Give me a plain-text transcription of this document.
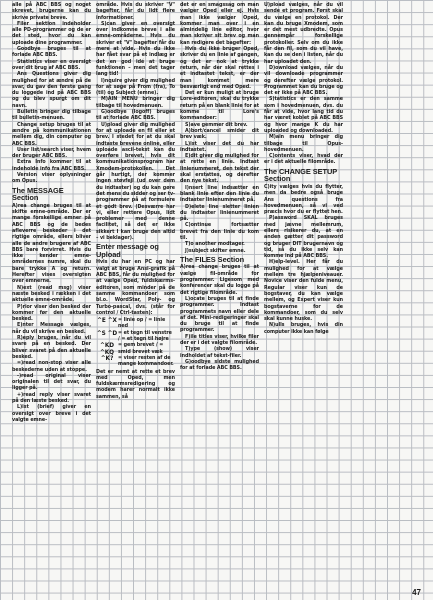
alle på ABC BBS og noget skrevet, brugerne kan du skrive private breve.

Filer sektion indeholder alle PD-programmer og de er det sted, hvor du kan uploade dine programmer.

Goodbye bruges til at forlade ABC BBS.

Statistics viser en oversigt over dit brug af ABC BBS.

Ans Questions giver dig mulighed for at ændre på de svar, du gav den første gang du loggede ind på ABC BBS og du blev spurgt om dit navn.

Bulletin bringer dig tilbage til bulletin-menuen.

Change setup bruges til at ændre på kommunikationen mellem dig, din computer og ABC BBS.

User list/search viser, hvem der bruger ABC BBS.

Extra Info kommer til at indeholde info fra ABC BBS.

Version viser oplysninger om Opus.

The MESSAGE Section

A)rea change bruges til at skifte emne-område. Der er mange forskellige emner på ABC BBS og de bedes afleverre beskeder i det rigtige område, ellers bliver alle de andre brugere af ABC BBS bare forvirret. Hvis du ikke kender emne-områdernes numre, skal du bare trykke A og return. Herefter vises oversigten over emnerne.

N)ext (read msg) viser næste besked i rækken i det aktuelle emne-område.

P)rior viser den besked der kommer før den aktuelle besked.

E)nter Message vælges, når du vil skrive en besked.

R)eply bruges, når du vil svare på en besked. Der bliver svaret på den aktuelle besked.

=)read non-stop viser alle beskederne uden at stoppe.

-)read original viser originalen til det svar, du ligger på.

+)read reply viser svaret på den læste besked.

L)ist (brief) giver en oversigt over breve i det valgte emne-

område. Hvis du skriver "V" bagefter, får du lidt flere informationer.

S)can giver en oversigt over indkomne breve i alle emne-områderne. Hvis du skriver et "V" bagefter får du mere at vide. Hvis du ikke har fået svar på et indlæg er det en god idé at bruge funktionen – men det tager lang tid!

I)nquire giver dig mulighed for at søge på From (fra), To (til) og Subject (emne).

M)AIN MENU bringer dig tilbage til hovedmenuen.

G)oodbye (logoff) bruges til at forlade ABC BBS.

U)pload giver dig mulighed for at uploade en fil eller et brev. I stedet for at du skal indtaste brevene online, eller uploade ascii-tekst kan du overføre brevet, hvis dit kommunikationsprogram har Xmodem-protokollen. Det går hurtigt, der kommer ingen støvfejl (ud over dem du indtaster) og du kan gøre det mens du sidder og ser tv-programmer på at formulere et godt brev. (Desværre har vi, eller rettere Opus, lidt problemer med denne facilitet, så det er ikke sikkert I kan bruge den altid – vi beklager).

Enter message og Upload

Hvis du har en PC og har valgt at bruge Ansi-grafik på ABC BBS, får du mulighed for at vælge Oped, fuldskærms-editoren, som minder på de samme kommandoer som bl.o. WordStar, Poly- og Turbo-pascal, dvs. (står for control / Ctrl-tasten):

^E ^X = linie op / = linie ned
^S ^D = et tegn til venstre / = et tegn til højre
^KD ^KQ
= gem brevet / = smid brevet væk
^K? = viser resten af de mange kommandoer.

Det er nemt at rette et brev med Oped, men fuldskærmsredigering og modem harer normalt ikke sammen, så

det er en smagssag om man vælger Oped eller ej. Hvis man ikke vælger Oped, kommer man over i en almindelig line editor, hvor man skriver sit brev og man kan redigere det bagefter:

Hvis du ikke bruger Oped, skriver du en linie af gangen, og det er nok at trykke return, når der skal rettes i et indtastet tekst, er der man kommet mere besværligt end med Oped.

Det er kun muligt at bruge Lore-editoren, skal du trykke return på en blank linie for at komme til Lore's kommandoer:

S)ave gemmer dit brev.

A)bort/cancel smider dit brev væk.

L)ist viser det du har indtastet.

E)dit giver dig mulighed for at rette en linie. Indtast linienummeret, den tekst der skal erstattes, og derefter den nye tekst.

I)nsert line indsætter en blank linie efter den linie du indtaster linienummeret på.

D)elete line sletter linien du indtaster linienummeret på.

C)ontinue fortsætter brevet fra den linie du kom til.

T)o another modtager.

J)subject skifter emne.

The FILES Section

A)rea change bruges til at vælge fil-område for programmer. Ligesom med konferencer skal du logge på det rigtige filområde.

L)ocate bruges til at finde programmer. Indtast programmets navn eller dele af det. Mini-redigeringer skal du bruge til at finde programmer.

F)ile titles viser, hvilke filer der er i det valgte filområde.

T)ype (show) viser indholdet af tekst-filer.

G)oodbye sidste mulighed for at forlade ABC BBS.

U)pload vælges, når du vil sende et program. Først skal du vælge en protokol. Der kan du bruge Xmodem, som er det mest udbredte. Opus gennemgår forskellige protokoller. Selv om du ikke får den fil, som du vil have, kan du se den i listen, når du har uploadet den.

D)ownload vælges, når du vil downloade programmer og derefter vælge protokol. Programmet kan du bruge og det er ikke på ABC BBS.

S)tatistics er den samme som i hovedmenuen, dvs. du får at vide, hvor lang tid du har været koblet på ABC BBS og hvor mange K du har uploaded og downloaded.

M)ain menu bringer dig tilbage til Opus-hovedmenuen.

C)ontents viser, hvad der er i det aktuelle filområde.

The CHANGE SETUP Section

C)ity vælges hvis du flytter, men da bedre også bruge Ans questions fra hovedmenuen, så vi ved præcis hvor du er flyttet hen.

P)assword SKAL bruges med jævne mellemrum, ellers risikerer du, at en anden gætter dit password og bruger DIT brugernavn og tid, så du ikke selv kan komme ind på ABC BBS.

H)elp-level. Her får du mulighed for at vælge mellem tre hjælpeniveauer. Novice viser den fulde menu, Regular viser kun de bogstaver, du kan vælge mellem, og Expert viser kun bogstaverne for de kommandoer, som du selv skal kunne huske.

N)ulls bruges, hvis din computer ikke kan følge

47
